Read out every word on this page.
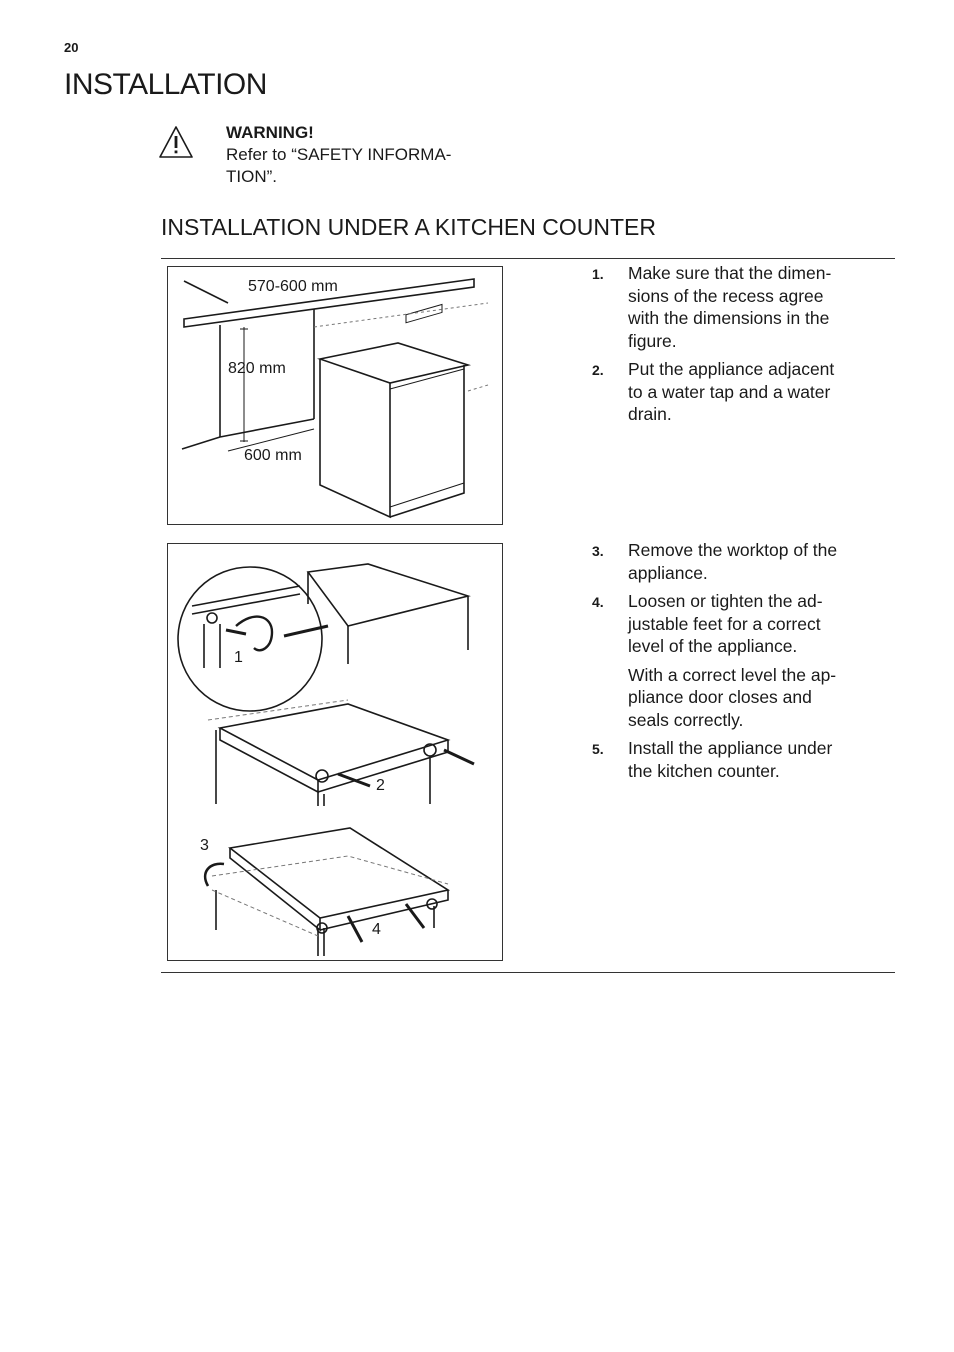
20
INSTALLATION
WARNING!
Refer to “SAFETY INFORMA-
TION”.
INSTALLATION UNDER A KITCHEN COUNTER
570-600 mm
820 mm
600 mm
1
2
3
4
1.	Make sure that the dimen-
sions of the recess agree
with the dimensions in the
figure.
2.	Put the appliance adjacent
to a water tap and a water
drain.
3.	Remove the worktop of the
appliance.
4.	Loosen or tighten the ad-
justable feet for a correct
level of the appliance.
With a correct level the ap-
pliance door closes and
seals correctly.
5.	Install the appliance under
the kitchen counter.
